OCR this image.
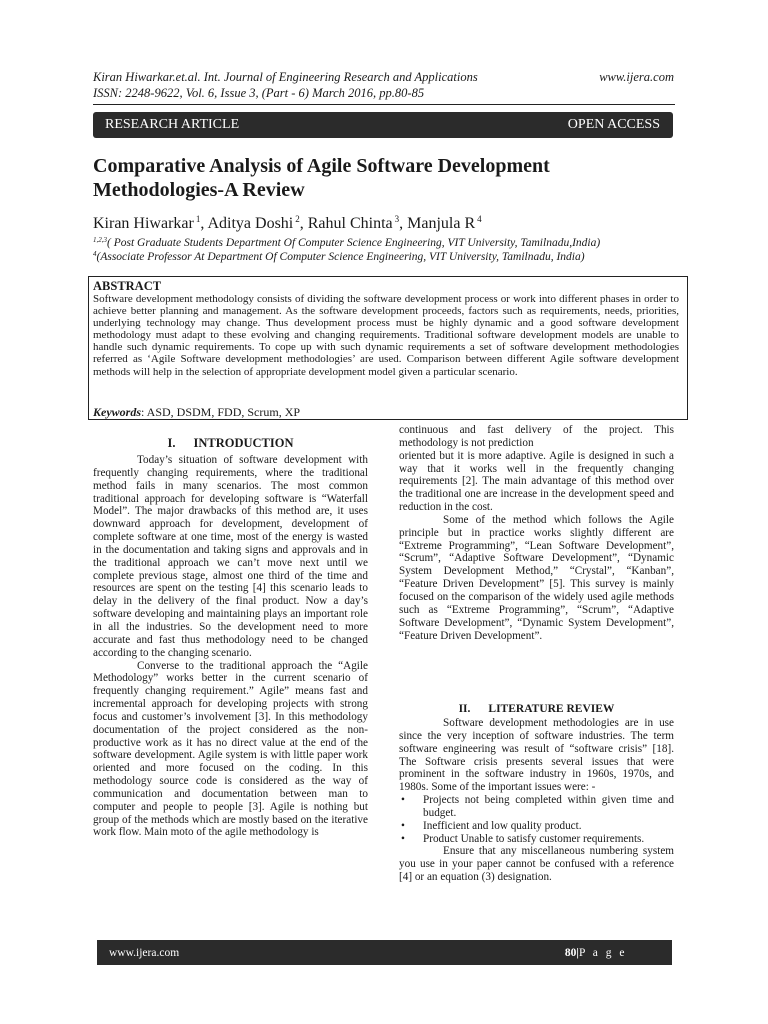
Kiran Hiwarkar.et.al. Int. Journal of Engineering Research and Applications
ISSN: 2248-9622, Vol. 6, Issue 3, (Part - 6) March 2016, pp.80-85
www.ijera.com
RESEARCH ARTICLE	OPEN ACCESS
Comparative Analysis of Agile Software Development
Methodologies-A Review
Kiran Hiwarkar $^1$, Aditya Doshi $^2$, Rahul Chinta $^3$, Manjula R $^4$
$^{1,2,3}$( Post Graduate Students Department Of Computer Science Engineering, VIT University, Tamilnadu,India)
$^4$(Associate Professor At Department Of Computer Science Engineering, VIT University, Tamilnadu, India)
ABSTRACT

Software development methodology consists of dividing the software development process or work into different phases in order to achieve better planning and management. As the software development proceeds, factors such as requirements, needs, priorities, underlying technology may change. Thus development process must be highly dynamic and a good software development methodology must adapt to these evolving and changing requirements. Traditional software development models are unable to handle such dynamic requirements. To cope up with such dynamic requirements a set of software development methodologies referred as ‘Agile Software development methodologies’ are used. Comparison between different Agile software development methods will help in the selection of appropriate development model given a particular scenario.

Keywords: ASD, DSDM, FDD, Scrum, XP
I. INTRODUCTION

Today’s situation of software development with frequently changing requirements, where the traditional method fails in many scenarios. The most common traditional approach for developing software is “Waterfall Model”. The major drawbacks of this method are, it uses downward approach for development, development of complete software at one time, most of the energy is wasted in the documentation and taking signs and approvals and in the traditional approach we can’t move next until we complete previous stage, almost one third of the time and resources are spent on the testing [4] this scenario leads to delay in the delivery of the final product. Now a day’s software developing and maintaining plays an important role in all the industries. So the development need to more accurate and fast thus methodology need to be changed according to the changing scenario.

Converse to the traditional approach the “Agile Methodology” works better in the current scenario of frequently changing requirement.” Agile” means fast and incremental approach for developing projects with strong focus and customer’s involvement [3]. In this methodology documentation of the project considered as the non-productive work as it has no direct value at the end of the software development. Agile system is with little paper work oriented and more focused on the coding. In this methodology source code is considered as the way of communication and documentation between man to computer and people to people [3]. Agile is nothing but group of the methods which are mostly based on the iterative work flow. Main moto of the agile methodology is

continuous and fast delivery of the project. This methodology is not prediction

oriented but it is more adaptive. Agile is designed in such a way that it works well in the frequently changing requirements [2]. The main advantage of this method over the traditional one are increase in the development speed and reduction in the cost.

Some of the method which follows the Agile principle but in practice works slightly different are “Extreme Programming”, “Lean Software Development”, “Scrum”, “Adaptive Software Development”, “Dynamic System Development Method,” “Crystal”, “Kanban”, “Feature Driven Development” [5]. This survey is mainly focused on the comparison of the widely used agile methods such as “Extreme Programming”, “Scrum”, “Adaptive Software Development”, “Dynamic System Development”, “Feature Driven Development”.

II. LITERATURE REVIEW

Software development methodologies are in use since the very inception of software industries. The term software engineering was result of “software crisis” [18]. The Software crisis presents several issues that were prominent in the software industry in 1960s, 1970s, and 1980s. Some of the important issues were: -

• Projects not being completed within given time and budget.
• Inefficient and low quality product.
• Product Unable to satisfy customer requirements.

Ensure that any miscellaneous numbering system you use in your paper cannot be confused with a reference [4] or an equation (3) designation.

www.ijera.com	80|P a g e
